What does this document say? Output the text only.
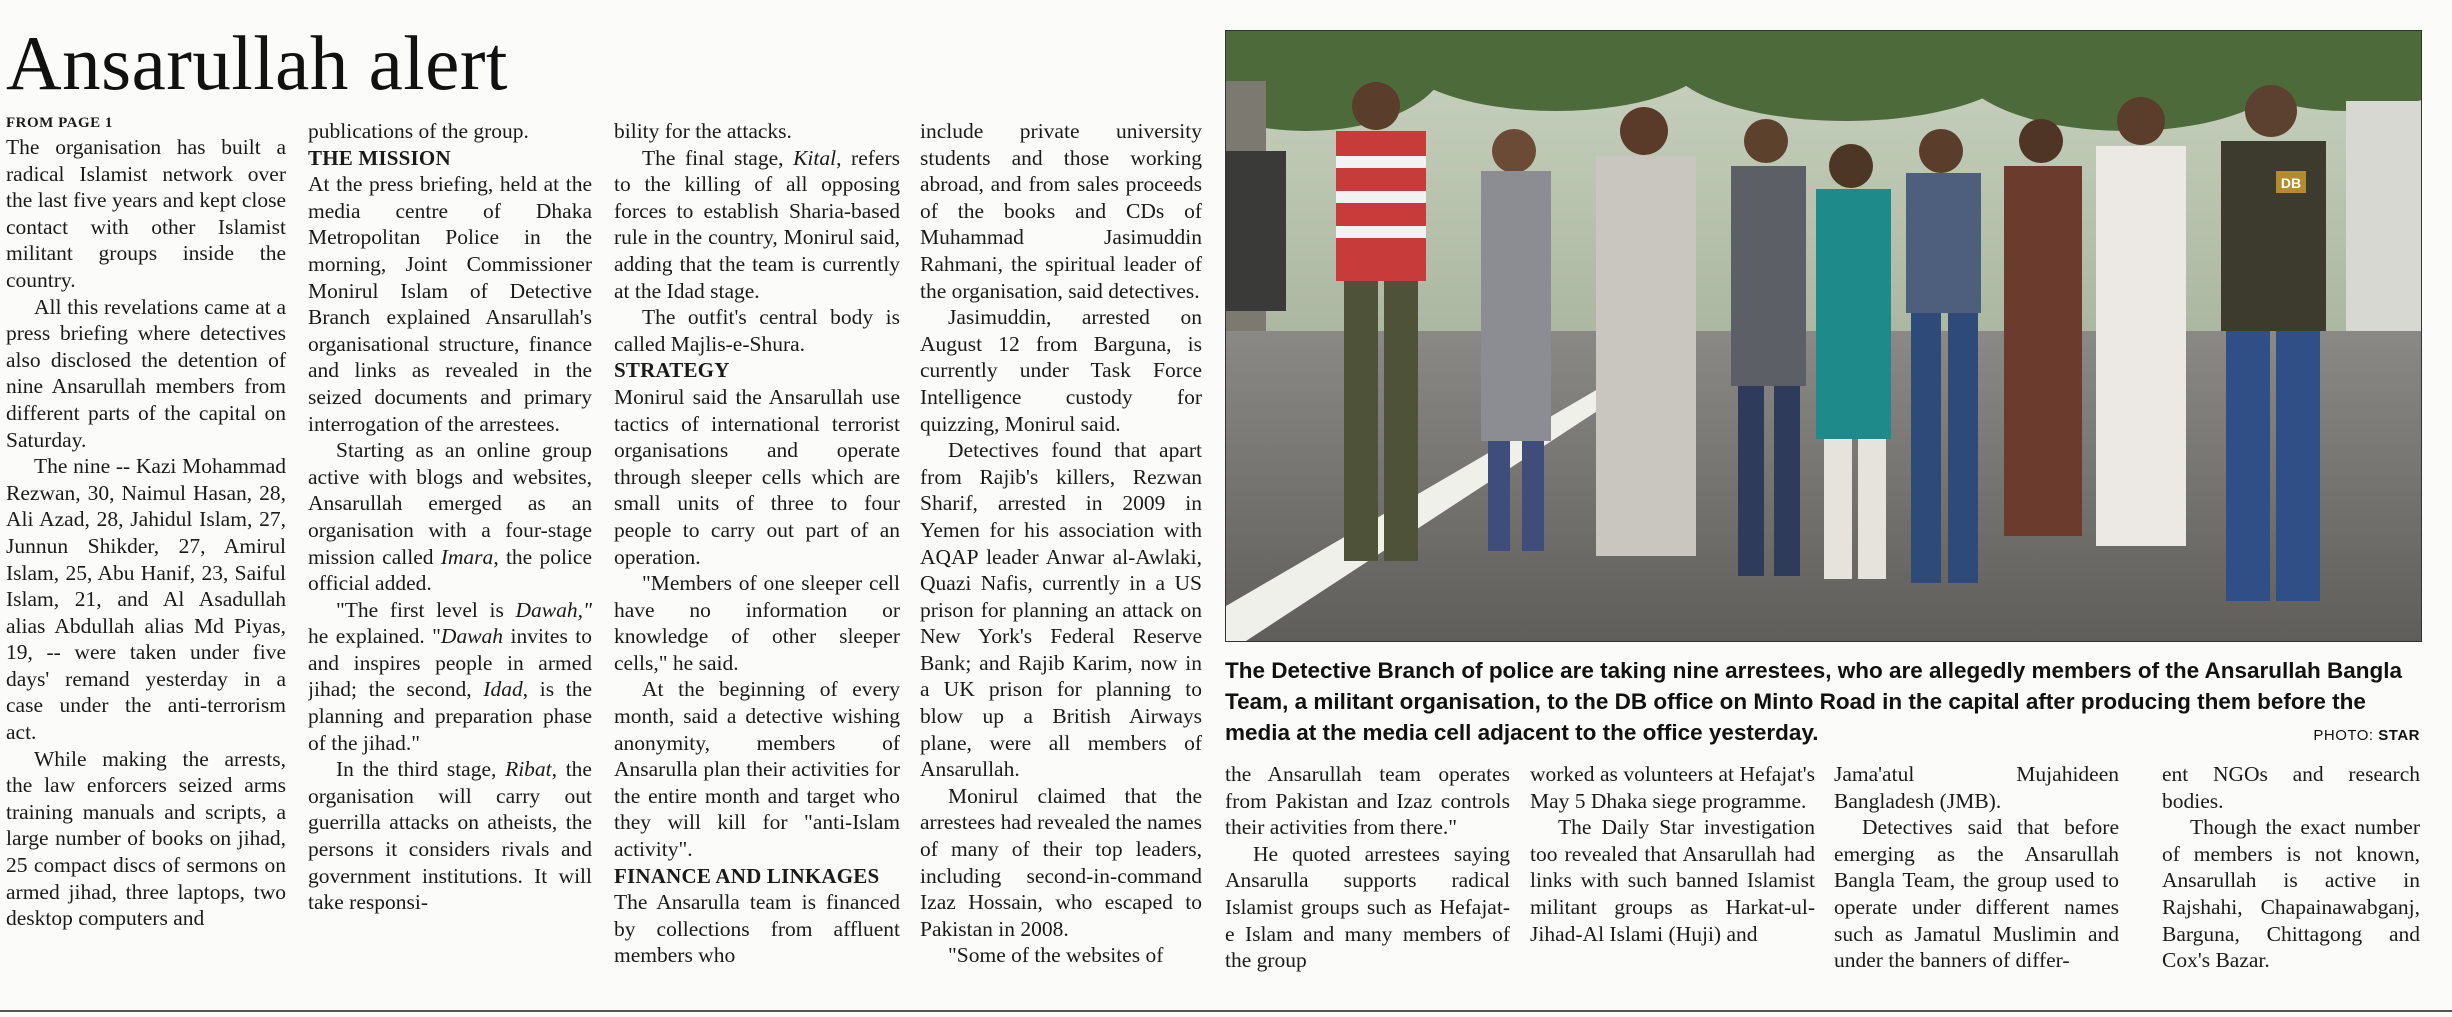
Ansarullah alert
FROM PAGE 1

The organisation has built a radical Islamist network over the last five years and kept close contact with other Islamist militant groups inside the country.

All this revelations came at a press briefing where detectives also disclosed the detention of nine Ansarullah members from different parts of the capital on Saturday.

The nine -- Kazi Mohammad Rezwan, 30, Naimul Hasan, 28, Ali Azad, 28, Jahidul Islam, 27, Junnun Shikder, 27, Amirul Islam, 25, Abu Hanif, 23, Saiful Islam, 21, and Al Asadullah alias Abdullah alias Md Piyas, 19, -- were taken under five days' remand yesterday in a case under the anti-terrorism act.

While making the arrests, the law enforcers seized arms training manuals and scripts, a large number of books on jihad, 25 compact discs of sermons on armed jihad, three laptops, two desktop computers and

publications of the group.

THE MISSION

At the press briefing, held at the media centre of Dhaka Metropolitan Police in the morning, Joint Commissioner Monirul Islam of Detective Branch explained Ansarullah's organisational structure, finance and links as revealed in the seized documents and primary interrogation of the arrestees.

Starting as an online group active with blogs and websites, Ansarullah emerged as an organisation with a four-stage mission called Imara, the police official added.

"The first level is Dawah," he explained. "Dawah invites to and inspires people in armed jihad; the second, Idad, is the planning and preparation phase of the jihad."

In the third stage, Ribat, the organisation will carry out guerrilla attacks on atheists, the persons it considers rivals and government institutions. It will take responsi-

bility for the attacks.

The final stage, Kital, refers to the killing of all opposing forces to establish Sharia-based rule in the country, Monirul said, adding that the team is currently at the Idad stage.

The outfit's central body is called Majlis-e-Shura.

STRATEGY

Monirul said the Ansarullah use tactics of international terrorist organisations and operate through sleeper cells which are small units of three to four people to carry out part of an operation.

"Members of one sleeper cell have no information or knowledge of other sleeper cells," he said.

At the beginning of every month, said a detective wishing anonymity, members of Ansarulla plan their activities for the entire month and target who they will kill for "anti-Islam activity".

FINANCE AND LINKAGES

The Ansarulla team is financed by collections from affluent members who

include private university students and those working abroad, and from sales proceeds of the books and CDs of Muhammad Jasimuddin Rahmani, the spiritual leader of the organisation, said detectives.

Jasimuddin, arrested on August 12 from Barguna, is currently under Task Force Intelligence custody for quizzing, Monirul said.

Detectives found that apart from Rajib's killers, Rezwan Sharif, arrested in 2009 in Yemen for his association with AQAP leader Anwar al-Awlaki, Quazi Nafis, currently in a US prison for planning an attack on New York's Federal Reserve Bank; and Rajib Karim, now in a UK prison for planning to blow up a British Airways plane, were all members of Ansarullah.

Monirul claimed that the arrestees had revealed the names of many of their top leaders, including second-in-command Izaz Hossain, who escaped to Pakistan in 2008.

"Some of the websites of

DB
The Detective Branch of police are taking nine arrestees, who are allegedly members of the Ansarullah Bangla Team, a militant organisation, to the DB office on Minto Road in the capital after producing them before the media at the media cell adjacent to the office yesterday.	PHOTO: STAR

the Ansarullah team operates from Pakistan and Izaz controls their activities from there."

He quoted arrestees saying Ansarulla supports radical Islamist groups such as Hefajat-e Islam and many members of the group

worked as volunteers at Hefajat's May 5 Dhaka siege programme.

The Daily Star investigation too revealed that Ansarullah had links with such banned Islamist militant groups as Harkat-ul-Jihad-Al Islami (Huji) and

Jama'atul Mujahideen Bangladesh (JMB).

Detectives said that before emerging as the Ansarullah Bangla Team, the group used to operate under different names such as Jamatul Muslimin and under the banners of differ-

ent NGOs and research bodies.

Though the exact number of members is not known, Ansarullah is active in Rajshahi, Chapainawabganj, Barguna, Chittagong and Cox's Bazar.
